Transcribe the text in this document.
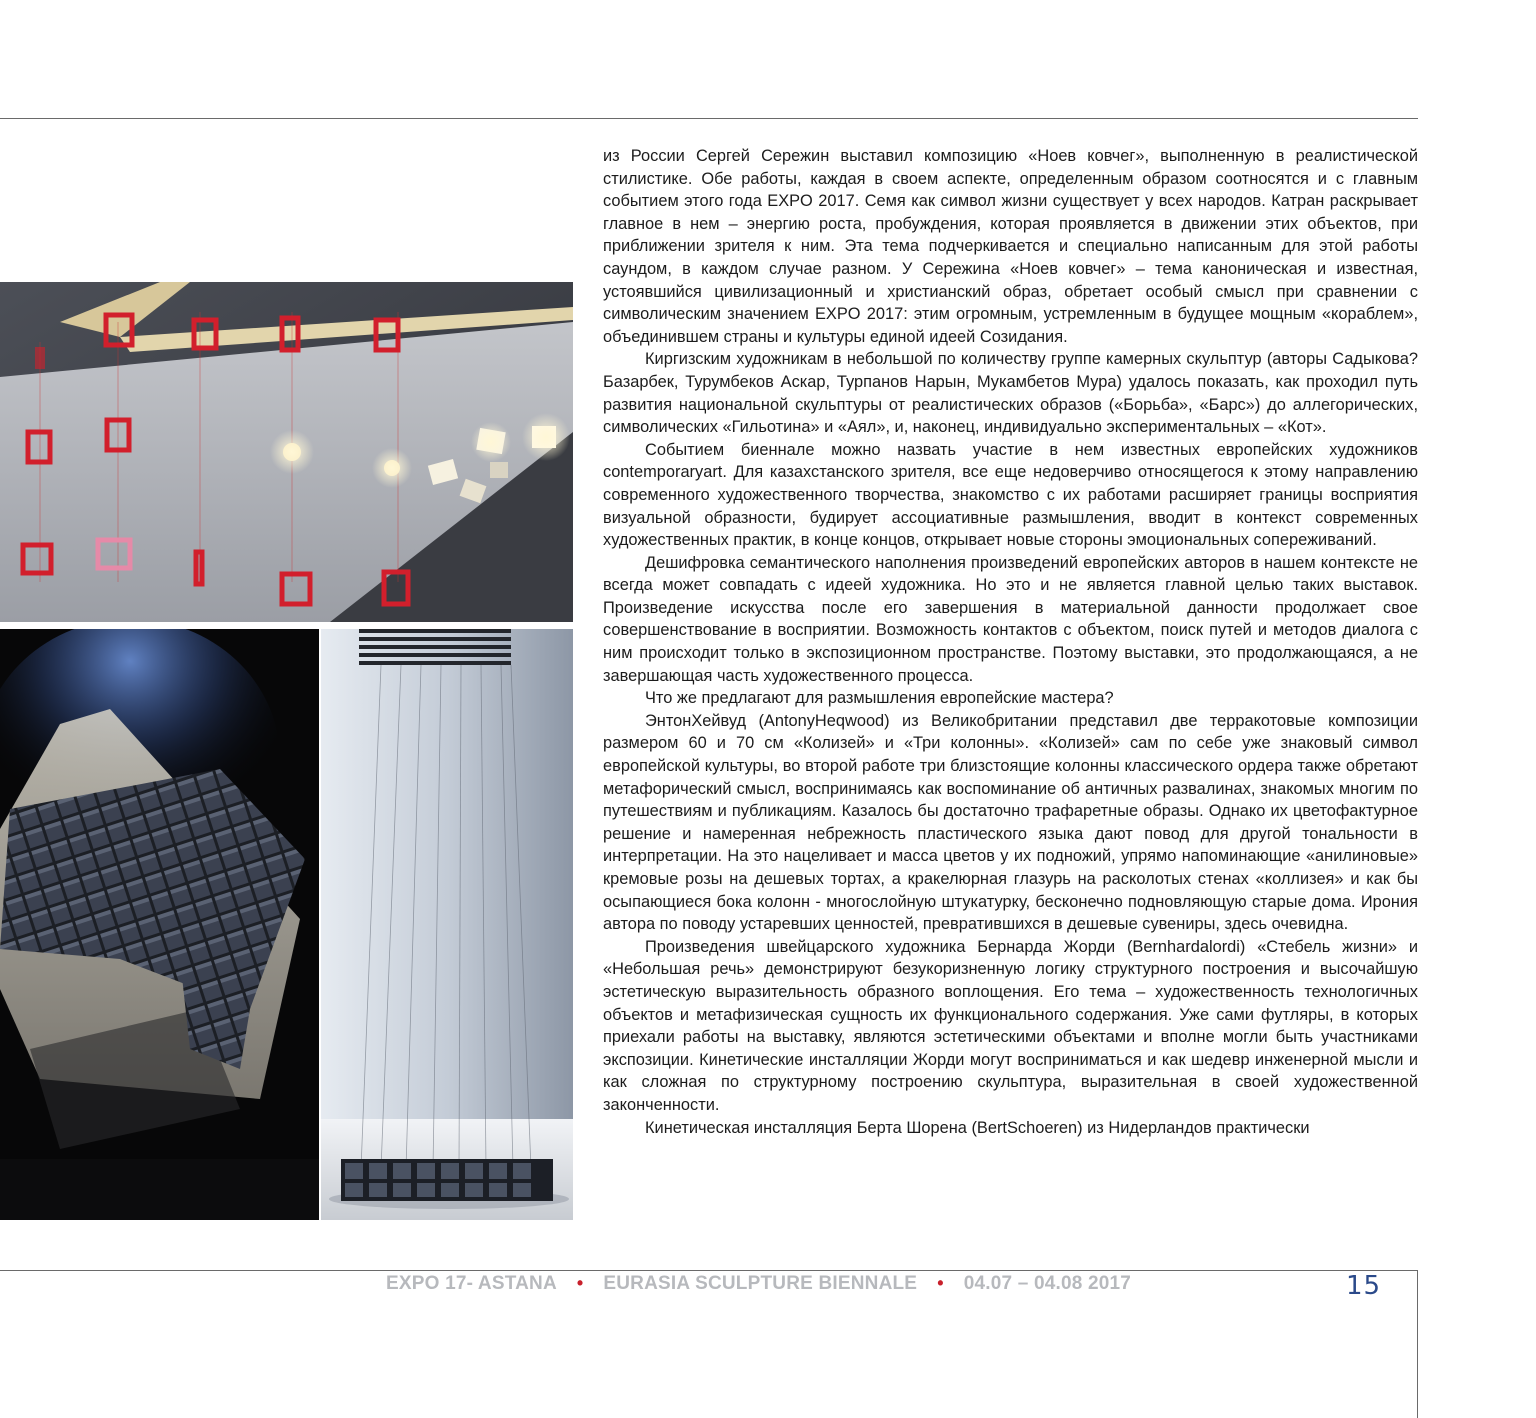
из России Сергей Сережин выставил композицию «Ноев ковчег», выполненную в реалистической стилистике. Обе работы, каждая в своем аспекте, определенным образом соотносятся и с главным событием этого года EXPO 2017. Семя как символ жизни существует у всех народов. Катран раскрывает главное в нем – энергию роста, пробуждения, которая проявляется в движении этих объектов, при приближении зрителя к ним. Эта тема подчеркивается и специально написанным для этой работы саундом, в каждом случае разном. У Сережина «Ноев ковчег» – тема каноническая и известная, устоявшийся цивилизационный и христианский образ, обретает особый смысл при сравнении с символическим значением EXPO 2017: этим огромным, устремленным в будущее мощным «кораблем», объединившем страны и культуры единой идеей Созидания.

Киргизским художникам в небольшой по количеству группе камерных скульптур (авторы Садыкова? Базарбек, Турумбеков Аскар, Турпанов Нарын, Мукамбетов Мура) удалось показать, как проходил путь развития национальной скульптуры от реалистических образов («Борьба», «Барс») до аллегорических, символических «Гильотина» и «Аял», и, наконец, индивидуально экспериментальных – «Кот».

Событием биеннале можно назвать участие в нем известных европейских художников contemporaryart. Для казахстанского зрителя, все еще недоверчиво относящегося к этому направлению современного художественного творчества, знакомство с их работами расширяет границы восприятия визуальной образности, будирует ассоциативные размышления, вводит в контекст современных художественных практик, в конце концов, открывает новые стороны эмоциональных сопереживаний.

Дешифровка семантического наполнения произведений европейских авторов в нашем контексте не всегда может совпадать с идеей художника. Но это и не является главной целью таких выставок. Произведение искусства после его завершения в материальной данности продолжает свое совершенствование в восприятии. Возможность контактов с объектом, поиск путей и методов диалога с ним происходит только в экспозиционном пространстве. Поэтому выставки, это продолжающаяся, а не завершающая часть художественного процесса.

Что же предлагают для размышления европейские мастера?

ЭнтонХейвуд (AntonyHeqwood) из Великобритании представил две терракотовые композиции размером 60 и 70 см «Колизей» и «Три колонны». «Колизей» сам по себе уже знаковый символ европейской культуры, во второй работе три близстоящие колонны классического ордера также обретают метафорический смысл, воспринимаясь как воспоминание об античных развалинах, знакомых многим по путешествиям и публикациям. Казалось бы достаточно трафаретные образы. Однако их цветофактурное решение и намеренная небрежность пластического языка дают повод для другой тональности в интерпретации. На это нацеливает и масса цветов у их подножий, упрямо напоминающие «анилиновые» кремовые розы на дешевых тортах, а кракелюрная глазурь на расколотых стенах «коллизея» и как бы осыпающиеся бока колонн - многослойную штукатурку, бесконечно подновляющую старые дома. Ирония автора по поводу устаревших ценностей, превратившихся в дешевые сувениры, здесь очевидна.

Произведения швейцарского художника Бернарда Жорди (Bernhardalordi) «Стебель жизни» и «Небольшая речь» демонстрируют безукоризненную логику структурного построения и высочайшую эстетическую выразительность образного воплощения. Его тема – художественность технологичных объектов и метафизическая сущность их функционального содержания. Уже сами футляры, в которых приехали работы на выставку, являются эстетическими объектами и вполне могли быть участниками экспозиции. Кинетические инсталляции Жорди могут восприниматься и как шедевр инженерной мысли и как сложная по структурному построению скульптура, выразительная в своей художественной законченности.

Кинетическая инсталляция Берта Шорена (BertSchoeren) из Нидерландов практически

EXPO 17- ASTANA • EURASIA SCULPTURE BIENNALE • 04.07 – 04.08 2017	15
